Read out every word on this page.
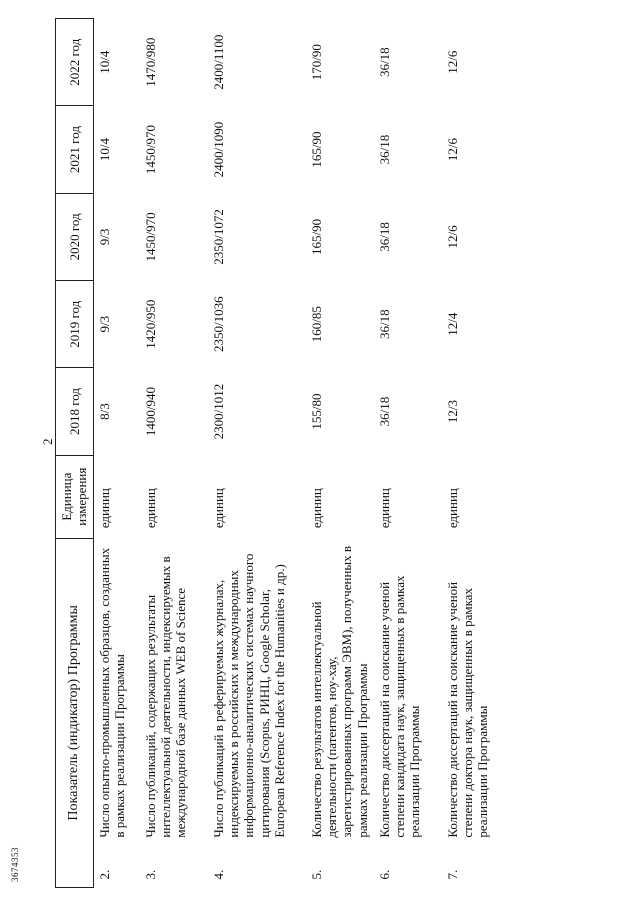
2
3674353
Показатель (индикатор) Программы		Единица измерения	2018 год	2019 год	2020 год	2021 год	2022 год
2.	Число опытно-промышленных образцов, созданных в рамках реализации Программы	единиц	8/3	9/3	9/3	10/4	10/4
3.	Число публикаций, содержащих результаты интеллектуальной деятельности, индексируемых в международной базе данных WEB of Science	единиц	1400/940	1420/950	1450/970	1450/970	1470/980
4.	Число публикаций в реферируемых журналах, индексируемых в российских и международных информационно-аналитических системах научного цитирования (Scopus, РИНЦ, Google Scholar, European Reference Index for the Humanities и др.)	единиц	2300/1012	2350/1036	2350/1072	2400/1090	2400/1100
5.	Количество результатов интеллектуальной деятельности (патентов, ноу-хау, зарегистрированных программ ЭВМ), полученных в рамках реализации Программы	единиц	155/80	160/85	165/90	165/90	170/90
6.	Количество диссертаций на соискание ученой степени кандидата наук, защищенных в рамках реализации Программы	единиц	36/18	36/18	36/18	36/18	36/18
7.	Количество диссертаций на соискание ученой степени доктора наук, защищенных в рамках реализации Программы	единиц	12/3	12/4	12/6	12/6	12/6
